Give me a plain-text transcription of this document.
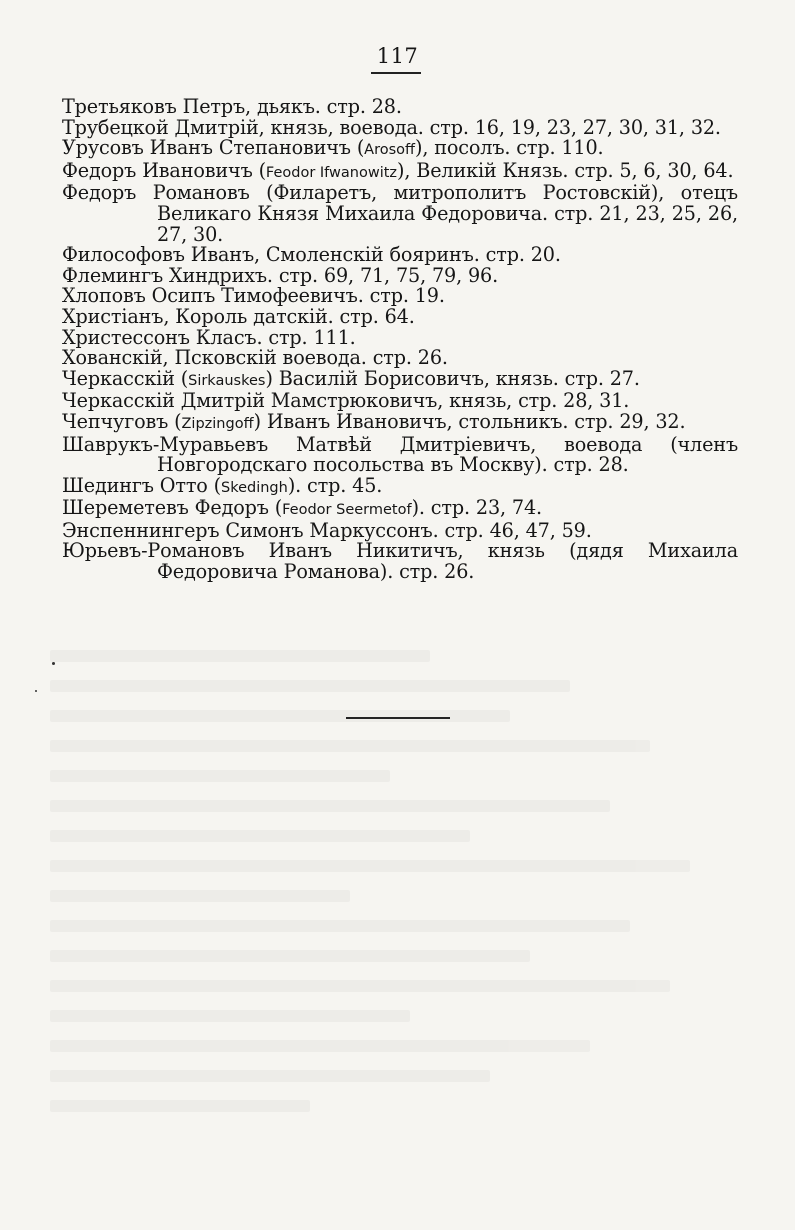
117

Третьяковъ Петръ, дьякъ. стр. 28.

Трубецкой Дмитрій, князь, воевода. стр. 16, 19, 23, 27, 30, 31, 32.

Урусовъ Иванъ Степановичъ (Arosoff), посолъ. стр. 110.

Федоръ Ивановичъ (Feodor Ifwanowitz), Великій Князь. стр. 5, 6, 30, 64.

Федоръ Романовъ (Филаретъ, митрополитъ Ростовскій), отецъ Великаго Князя Михаила Федоровича. стр. 21, 23, 25, 26, 27, 30.

Философовъ Иванъ, Смоленскій бояринъ. стр. 20.

Флемингъ Хиндрихъ. стр. 69, 71, 75, 79, 96.

Хлоповъ Осипъ Тимофеевичъ. стр. 19.

Христіанъ, Король датскій. стр. 64.

Христессонъ Класъ. стр. 111.

Хованскій, Псковскій воевода. стр. 26.

Черкасскій (Sirkauskes) Василій Борисовичъ, князь. стр. 27.

Черкасскій Дмитрій Мамстрюковичъ, князь, стр. 28, 31.

Чепчуговъ (Zipzingoff) Иванъ Ивановичъ, стольникъ. стр. 29, 32.

Шаврукъ-Муравьевъ Матвѣй Дмитріевичъ, воевода (членъ Новгородскаго посольства въ Москву). стр. 28.

Шедингъ Отто (Skedingh). стр. 45.

Шереметевъ Федоръ (Feodor Seermetof). стр. 23, 74.

Энспеннингеръ Симонъ Маркуссонъ. стр. 46, 47, 59.

Юрьевъ-Романовъ Иванъ Никитичъ, князь (дядя Михаила Федоровича Романова). стр. 26.
